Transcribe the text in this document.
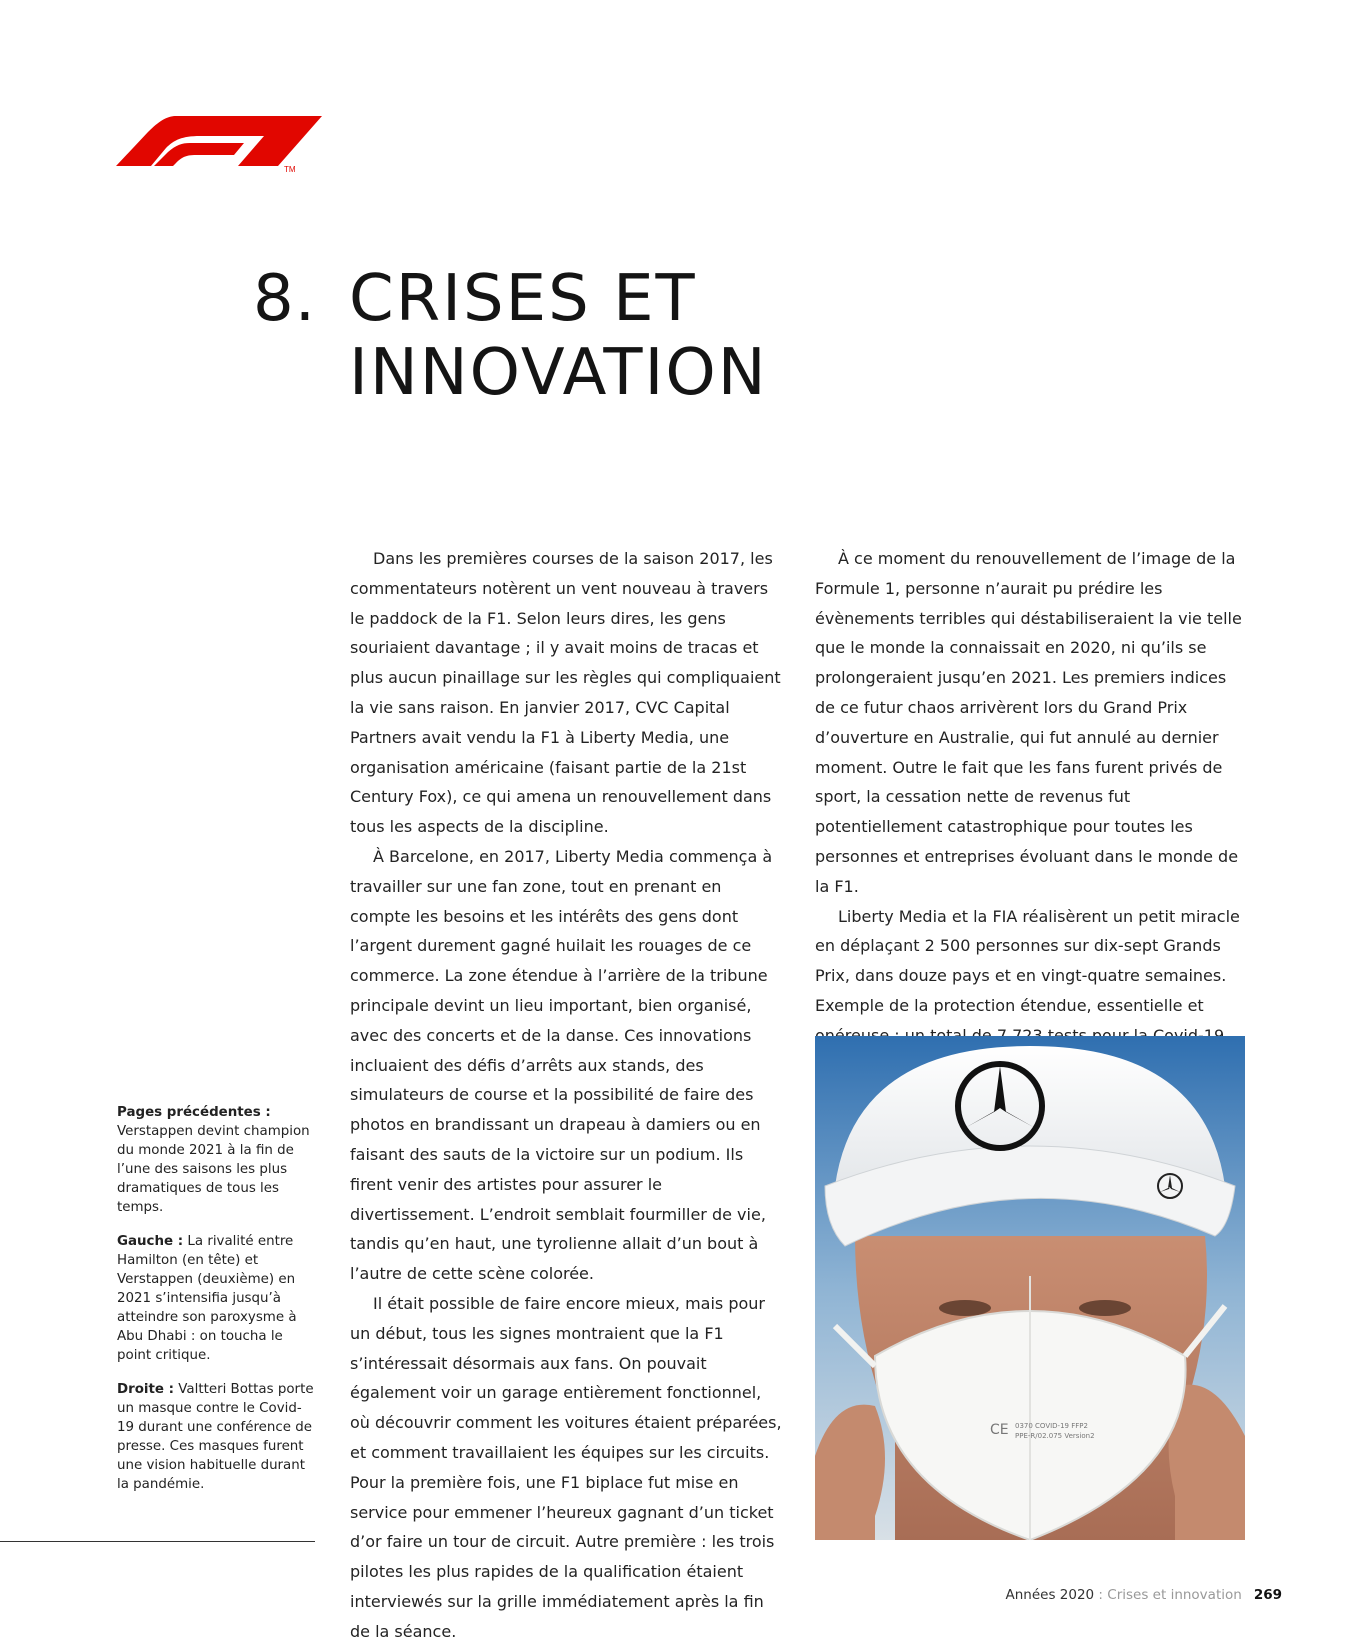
TM
8. CRISES ET
INNOVATION

Dans les premières courses de la saison 2017, les commentateurs notèrent un vent nouveau à travers le paddock de la F1. Selon leurs dires, les gens souriaient davantage ; il y avait moins de tracas et plus aucun pinaillage sur les règles qui compliquaient la vie sans raison. En janvier 2017, CVC Capital Partners avait vendu la F1 à Liberty Media, une organisation américaine (faisant partie de la 21st Century Fox), ce qui amena un renouvellement dans tous les aspects de la discipline.

À Barcelone, en 2017, Liberty Media commença à travailler sur une fan zone, tout en prenant en compte les besoins et les intérêts des gens dont l’argent durement gagné huilait les rouages de ce commerce. La zone étendue à l’arrière de la tribune principale devint un lieu important, bien organisé, avec des concerts et de la danse. Ces innovations incluaient des défis d’arrêts aux stands, des simulateurs de course et la possibilité de faire des photos en brandissant un drapeau à damiers ou en faisant des sauts de la victoire sur un podium. Ils firent venir des artistes pour assurer le divertissement. L’endroit semblait fourmiller de vie, tandis qu’en haut, une tyrolienne allait d’un bout à l’autre de cette scène colorée.

Il était possible de faire encore mieux, mais pour un début, tous les signes montraient que la F1 s’intéressait désormais aux fans. On pouvait également voir un garage entièrement fonctionnel, où découvrir comment les voitures étaient préparées, et comment travaillaient les équipes sur les circuits. Pour la première fois, une F1 biplace fut mise en service pour emmener l’heureux gagnant d’un ticket d’or faire un tour de circuit. Autre première : les trois pilotes les plus rapides de la qualification étaient interviewés sur la grille immédiatement après la fin de la séance.

À ce moment du renouvellement de l’image de la Formule 1, personne n’aurait pu prédire les évènements terribles qui déstabiliseraient la vie telle que le monde la connaissait en 2020, ni qu’ils se prolongeraient jusqu’en 2021. Les premiers indices de ce futur chaos arrivèrent lors du Grand Prix d’ouverture en Australie, qui fut annulé au dernier moment. Outre le fait que les fans furent privés de sport, la cessation nette de revenus fut potentiellement catastrophique pour toutes les personnes et entreprises évoluant dans le monde de la F1.

Liberty Media et la FIA réalisèrent un petit miracle en déplaçant 2 500 personnes sur dix-sept Grands Prix, dans douze pays et en vingt-quatre semaines. Exemple de la protection étendue, essentielle et

CE 0370 COVID-19 FFP2
PPE-R/02.075 Version2

Pages précédentes :
Verstappen devint champion du monde 2021 à la fin de l’une des saisons les plus dramatiques de tous les temps.

Gauche : La rivalité entre Hamilton (en tête) et Verstappen (deuxième) en 2021 s’intensifia jusqu’à atteindre son paroxysme à Abu Dhabi : on toucha le point critique.

Droite : Valtteri Bottas porte un masque contre le Covid-19 durant une conférence de presse. Ces masques furent une vision habituelle durant la pandémie.

Années 2020 : Crises et innovation 269
